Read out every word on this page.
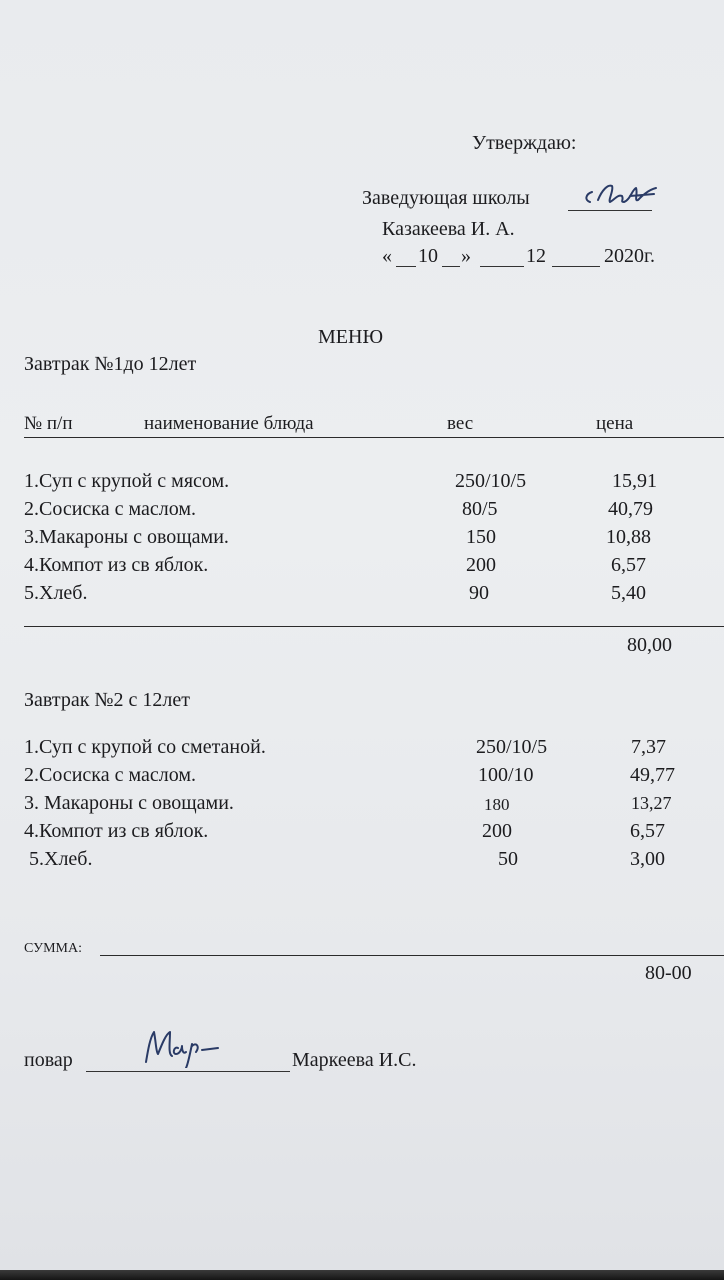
Утверждаю:
Заведующая школы
Казакеева И. А.
« 10 »	12	2020г.
МЕНЮ
Завтрак №1до 12лет
№ п/п	наименование блюда	вес	цена
1.Суп с крупой с мясом.	250/10/5	15,91
2.Сосиска с маслом.	80/5	40,79
3.Макароны с овощами.	150	10,88
4.Компот из св яблок.	200	6,57
5.Хлеб.	90	5,40
80,00
Завтрак №2 с 12лет
1.Суп с крупой со сметаной.	250/10/5	7,37
2.Сосиска с маслом.	100/10	49,77
3. Макароны с овощами.	180	13,27
4.Компот из св яблок.	200	6,57
5.Хлеб.	50	3,00
СУММА:
80-00
повар	Маркеева И.С.
